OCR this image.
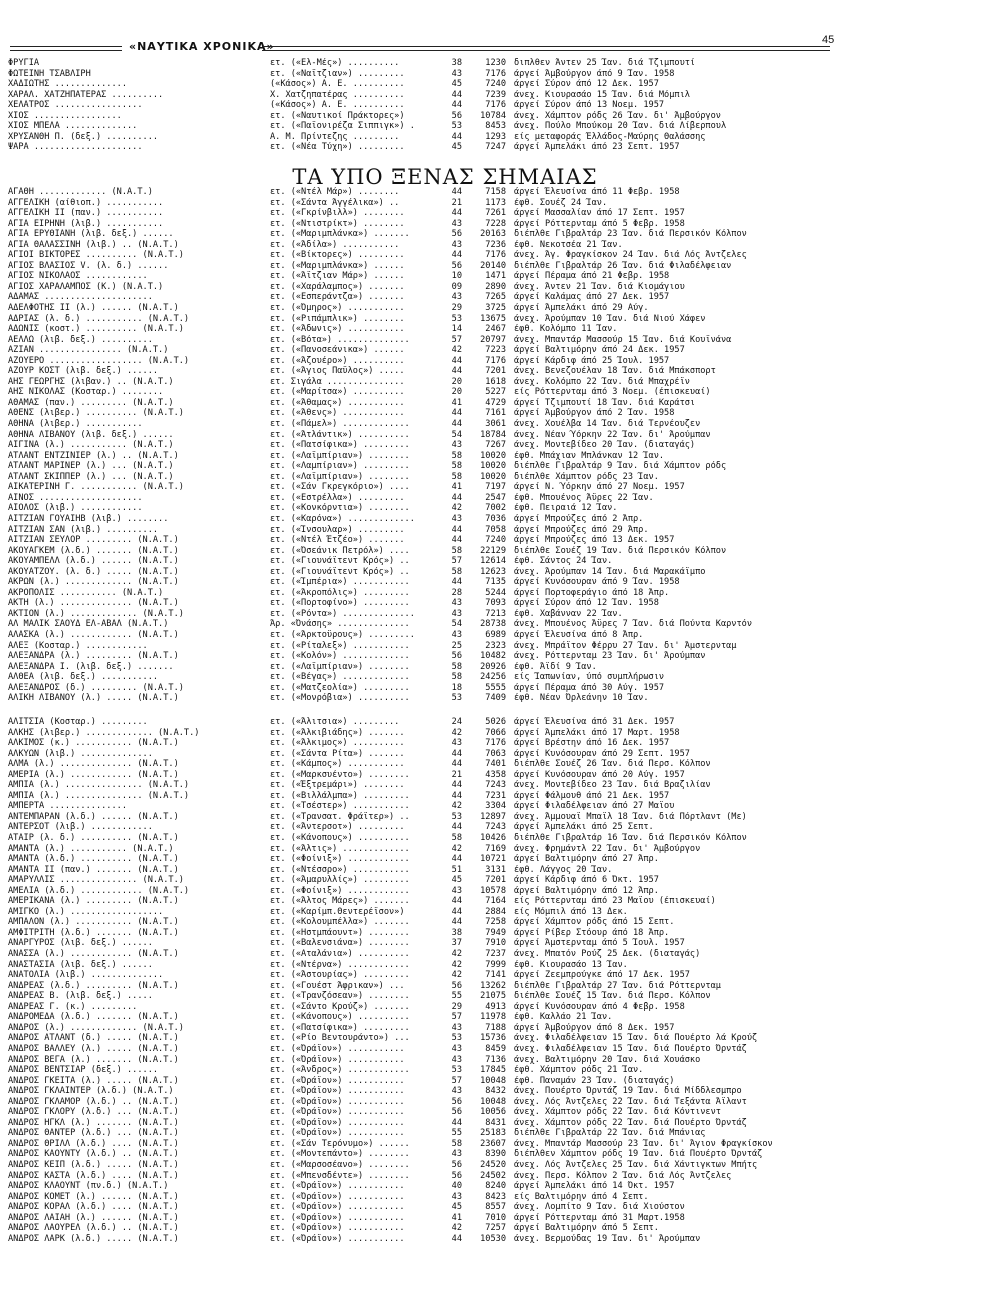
«ΝΑΥΤΙΚΑ ΧΡΟΝΙΚΑ»	45
ΦΡΥΓΙΑ	ετ. («Ελ-Μές») ..........	38	1230 διπλθεν Άντεν 25 Ίαν. διά Τζιμπουτί
ΦΩΤΕΙΝΗ ΤΣΑΒΛΙΡΗ	ετ. («Ναϊτζιαν») .........	43	7176 άργεί Άμβούργον άπό 9 Ίαν. 1958
ΧΑΔΙΩΤΗΣ ..............	(«Κάσος») Α. Ε. ..........	45	7240 άργεί Σύρον άπό 12 Δεκ. 1957
ΧΑΡΑΛ. ΧΑΤΖΗΠΑΤΕΡΑΣ ..........	Χ. Χατζηπατέρας ..........	44	7239 άνεχ. Κιουρασάο 15 Ίαν. διά Μόμπιλ
ΧΕΛΑΤΡΟΣ .................	(«Κάσος») Α. Ε. ..........	44	7176 άργεί Σύρον άπό 13 Νοεμ. 1957
ΧΙΟΣ .................	ετ. («Ναυτικοί Πράκτορες»)	56	10784 άνεχ. Χάμπτον ρόδς 26 Ίαν. δι' Άμβούργον
ΧΙΟΣ ΜΠΕΛΑ ..............	ετ. («Παϊονιρέζα Σιππιγκ») .	53	8453 άνεχ. Πούλο Μπούκομ 20 Ίαν. διά Λίβερπουλ
ΧΡΥΣΑΝΘΗ Π. (δεξ.) ..........	Α. Μ. Πρίντεζης .........	44	1293 είς μεταφοράς Έλλάδος-Μαύρης Θαλάσσης
ΨΑΡΑ .....................	ετ. («Νέα Τύχη») .........	45	7247 άργεί Άμπελάκι άπό 23 Σεπτ. 1957
ΤΑ ΥΠΟ ΞΕΝΑΣ ΣΗΜΑΙΑΣ
ΑΓΑΘΗ ............. (Ν.Α.Τ.)	ετ. («Ντέλ Μάρ») ........	44	7158 άργεί Έλευσίνα άπό 11 Φεβρ. 1958
ΑΓΓΕΛΙΚΗ (αίθιοπ.) ...........	ετ. («Σάντα Άγγέλικα») ..	21	1173 έφθ. Σουέζ 24 Ίαν.
ΑΓΓΕΛΙΚΗ ΙΙ (παν.) ...........	ετ. («Γκρίνβιλλ») ........	44	7261 άργεί Μασσαλίαν άπό 17 Σεπτ. 1957
ΑΓΙΑ ΕΙΡΗΝΗ (λιβ.) ...........	ετ. («Ντιστρίκτ») ........	43	7228 άργεί Ρόττερνταμ άπό 5 Φεβρ. 1958
ΑΓΙΑ ΕΡΥΘΙΑΝΗ (λιβ. δεξ.) ......	ετ. («Μαριμπλάνκα») .......	56	20163 διέπλθε Γιβραλτάρ 23 Ίαν. διά Περσικόν Κόλπον
ΑΓΙΑ ΘΑΛΑΣΣΙΝΗ (λιβ.) .. (Ν.Α.Τ.)	ετ. («Άδίλα») ...........	43	7236 έφθ. Νεκοτσέα 21 Ίαν.
ΑΓΙΟΙ ΒΙΚΤΟΡΕΣ .......... (Ν.Α.Τ.)	ετ. («Βίκτορες») .........	44	7176 άνεχ. Άγ. Φραγκίσκον 24 Ίαν. διά Λός Άντζελες
ΑΓΙΟΣ ΒΛΑΣΙΟΣ V. (λ. δ.) ......	ετ. («Μαριμπλάνκα») ......	56	20140 διέπλθε Γιβραλτάρ 26 Ίαν. διά Φιλαδέλφειαν
ΑΓΙΟΣ ΝΙΚΟΛΑΟΣ ............	ετ. («Άϊτζιαν Μάρ») ......	10	1471 άργεί Πέραμα άπό 21 Φεβρ. 1958
ΑΓΙΟΣ ΧΑΡΑΛΑΜΠΟΣ (Κ.) (Ν.Α.Τ.)	ετ. («Χαράλαμπος») .......	09	2890 άνεχ. Άντεν 21 Ίαν. διά Κιομάγιου
ΑΔΑΜΑΣ .....................	ετ. («Εσπεράντζα») .......	43	7265 άργεί Καλάμας άπό 27 Δεκ. 1957
ΑΔΕΛΦΟΤΗΣ ΙΙ (λ.) ...... (Ν.Α.Τ.)	ετ. («Όμηρος») ...........	29	3725 άργεί Άμπελάκι άπό 29 Αύγ.
ΑΔΡΙΑΣ (λ. δ.) ........... (Ν.Α.Τ.)	ετ. («Ριπάμπλικ») ........	53	13675 άνεχ. Άρούμπαν 10 Ίαν. διά Νιού Χάφεν
ΑΔΩΝΙΣ (κοστ.) .......... (Ν.Α.Τ.)	ετ. («Άδωνις») ...........	14	2467 έφθ. Κολόμπο 11 Ίαν.
ΑΕΛΛΩ (λιβ. δεξ.) ..........	ετ. («Βότα») ..............	57	20797 άνεχ. Μπαντάρ Μασσούρ 15 Ίαν. διά Κουϊνάνα
ΑΖΙΑΝ ................ (Ν.Α.Τ.)	ετ. («Πανοσεάνικα») ......	42	7223 άργεί Βαλτιμόρην άπό 24 Δεκ. 1957
ΑΖΟΥΕΡΟ .................. (Ν.Α.Τ.)	ετ. («Άζουέρο») ..........	44	7176 άργεί Κάρδιφ άπό 25 Ίουλ. 1957
ΑΖΟΥΡ ΚΟΣΤ (λιβ. δεξ.) ......	ετ. («Άγιος Παΰλος») .....	44	7201 άνεχ. Βενεζουέλαν 18 Ίαν. διά Μπάκσπορτ
ΑΗΣ ΓΕΩΡΓΗΣ (λιβαν.) .. (Ν.Α.Τ.)	ετ. Σιγάλα ...............	20	1618 άνεχ. Κολόμπο 22 Ίαν. διά Μπαχρέϊν
ΑΗΣ ΝΙΚΟΛΑΣ (Κοσταρ.) ........	ετ. («Μαρίτσα») ..........	20	5227 είς Ρόττερνταμ άπό 3 Νοεμ. (έπισκευαί)
ΑΘΑΜΑΣ (παν.) ......... (Ν.Α.Τ.)	ετ. («Άθαμας») ...........	41	4729 άργεί Τζιμπουτί 18 Ίαν. διά Καράτσι
ΑΘΕΝΣ (λιβερ.) .......... (Ν.Α.Τ.)	ετ. («Άθενς») ............	44	7161 άργεί Άμβούργον άπό 2 Ίαν. 1958
ΑΘΗΝΑ (λιβερ.) ...........	ετ. («Πάμελ») .............	44	3061 άνεχ. Χουέλβα 14 Ίαν. διά Τερνέουζεν
ΑΘΗΝΑ ΛΙΒΑΝΟΥ (λιβ. δεξ.) ......	ετ. («Άτλάντικ») ..........	54	18784 άνεχ. Νέαν Ύόρκην 22 Ίαν. δι' Άρούμπαν
ΑΙΓΙΝΑ (λ.) ........... (Ν.Α.Τ.)	ετ. («Πατσίφικα») .........	43	7267 άνεχ. Μοντεβίδεο 20 Ίαν. (διαταγάς)
ΑΤΛΑΝΤ ΕΝΤΖΙΝΙΕΡ (λ.) .. (Ν.Α.Τ.)	ετ. («Λαϊμπίριαν») ........	58	10020 έφθ. Μπάχιαν Μπλάνκαν 12 Ίαν.
ΑΤΛΑΝΤ ΜΑΡΙΝΕΡ (λ.) ... (Ν.Α.Τ.)	ετ. («Λαμπίριαν») .........	58	10020 διέπλθε Γιβραλτάρ 9 Ίαν. διά Χάμπτον ρόδς
ΑΤΛΑΝΤ ΣΚΙΠΠΕΡ (λ.) ... (Ν.Α.Τ.)	ετ. («Λαϊμπίριαν») ........	58	10020 διέπλθε Χάμπτον ρόδς 23 Ίαν.
ΑΙΚΑΤΕΡΙΝΗ Γ. ........... (Ν.Α.Τ.)	ετ. («Σάν Γκρεγκόριο») ....	41	7197 άργεί Ν. Ύόρκην άπό 27 Νοεμ. 1957
ΑΙΝΟΣ ....................	ετ. («Εστρέλλα») .........	44	2547 έφθ. Μπουένος Άϋρες 22 Ίαν.
ΑΙΟΛΟΣ (λιβ.) ............	ετ. («Κονκόρντια») ........	42	7002 έφθ. Πειραιά 12 Ίαν.
ΑΙΤΖΙΑΝ ΓΟΥΑΪΗΒ (λιβ.) ........	ετ. («Καρόνα») .............	43	7036 άργεί Μπρούζες άπό 2 Άπρ.
ΑΙΤΖΙΑΝ ΣΑΝ (λιβ.) ..........	ετ. («Ίνσουλαρ») .........	44	7058 άργεί Μπρούζες άπό 29 Άπρ.
ΑΙΤΖΙΑΝ ΣΕΫΛΟΡ ......... (Ν.Α.Τ.)	ετ. («Ντέλ Έτζέο») .......	44	7240 άργεί Μπρούζες άπό 13 Δεκ. 1957
ΑΚΟΥΑΓΚΕΜ (λ.δ.) ....... (Ν.Α.Τ.)	ετ. («Όσεάνικ Πετρόλ») ....	58	22129 διέπλθε Σουέζ 19 Ίαν. διά Περσικόν Κόλπον
ΑΚΟΥΑΜΠΕΛΛ (λ.δ.) ...... (Ν.Α.Τ.)	ετ. («Γιουνάϊτεντ Κρός») ..	57	12614 έφθ. Σάντος 24 Ίαν.
ΑΚΟΥΑΤΖΟΫ. (λ. δ.) ..... (Ν.Α.Τ.)	ετ. («Γιουνάϊτεντ Κρός») ..	58	12623 άνεχ. Άρούμπαν 14 Ίαν. διά Μαρακάϊμπο
ΑΚΡΩΝ (λ.) ............. (Ν.Α.Τ.)	ετ. («Ίμπέρια») ...........	44	7135 άργεί Κυνόσουραν άπό 9 Ίαν. 1958
ΑΚΡΟΠΟΛΙΣ ........... (Ν.Α.Τ.)	ετ. («Άκροπόλις») .........	28	5244 άργεί Πορτοφεράγιο άπό 18 Άπρ.
ΑΚΤΗ (λ.) .............. (Ν.Α.Τ.)	ετ. («Πορτοφίνο») .........	43	7093 άργεί Σύρον άπό 12 Ίαν. 1958
ΑΚΤΙΟΝ (λ.) ............. (Ν.Α.Τ.)	ετ. («Ρόντα») ..............	43	7213 έφθ. Χαβάνναν 22 Ίαν.
ΑΛ ΜΑΛΙΚ ΣΑΟΥΔ ΕΛ-ΑΒΑΛ (Ν.Α.Τ.)	Άρ. «Όνάσης» ..............	54	28738 άνεχ. Μπουένος Άϋρες 7 Ίαν. διά Πούντα Καρντόν
ΑΛΑΣΚΑ (λ.) ............ (Ν.Α.Τ.)	ετ. («Άρκτοΰρους») .........	43	6989 άργεί Έλευσίνα άπό 8 Άπρ.
ΑΛΕΞ (Κοσταρ.) ............	ετ. («Ρίταλεξ») ...........	25	2323 άνεχ. Μπράϊτον Φέρρυ 27 Ίαν. δι' Άμστερνταμ
ΑΛΕΞΑΝΔΡΑ (λ.) ......... (Ν.Α.Τ.)	ετ. («Κολόν») .............	56	10482 άνεχ. Ρόττερνταμ 23 Ίαν. δι' Άρούμπαν
ΑΛΕΞΑΝΔΡΑ Ι. (λιβ. δεξ.) .......	ετ. («Λαϊμπίριαν») ........	58	20926 έφθ. Άϊδί 9 Ίαν.
ΑΛΘΕΑ (λιβ. δεξ.) ...........	ετ. («Βέγας») .............	58	24256 είς Ίαπωνίαν, ύπό συμπλήρωσιν
ΑΛΕΞΑΝΔΡΟΣ (δ.) ......... (Ν.Α.Τ.)	ετ. («Ματζεολία») .........	18	5555 άργεί Πέραμα άπό 30 Αύγ. 1957
ΑΛΙΚΗ ΛΙΒΑΝΟΥ (λ.) ..... (Ν.Α.Τ.)	ετ. («Μονρόβια») ..........	53	7409 έφθ. Νέαν Όρλεάνην 10 Ίαν.
ΑΛΙΤΣΙΑ (Κοσταρ.) .........	ετ. («Άλιτσια») .........	24	5026 άργεί Έλευσίνα άπό 31 Δεκ. 1957
ΑΛΚΗΣ (λιβερ.) ............. (Ν.Α.Τ.)	ετ. («Άλκιβιάδης») .......	42	7066 άργεί Άμπελάκι άπό 17 Μαρτ. 1958
ΑΛΚΙΜΟΣ (κ.) ........... (Ν.Α.Τ.)	ετ. («Άλκιμος») ..........	43	7176 άργεί Βρέστην άπό 16 Δεκ. 1957
ΑΛΚΥΩΝ (λιβ.) ..............	ετ. («Σάντα Ρίτα») .......	44	7063 άργεί Κυνόσουραν άπό 29 Σεπτ. 1957
ΑΛΜΑ (λ.) .............. (Ν.Α.Τ.)	ετ. («Κάμπος») ...........	44	7401 διέπλθε Σουέζ 26 Ίαν. διά Περσ. Κόλπον
ΑΜΕΡΙΑ (λ.) ............ (Ν.Α.Τ.)	ετ. («Μαρκσυέντο») ........	21	4358 άργεί Κυνόσουραν άπό 20 Αύγ. 1957
ΑΜΠΙΑ (λ.) ............... (Ν.Α.Τ.)	ετ. («Έξτρεμάρι») ........	44	7243 άνεχ. Μοντεβίδεο 23 Ίαν. διά Βραζιλίαν
ΑΜΠΙΑ (λ.) ............... (Ν.Α.Τ.)	ετ. («Βιλλάλμπα») .........	44	7231 άργεί Φάλμουθ άπό 21 Δεκ. 1957
ΑΜΠΕΡΤΑ ...............	ετ. («Τσέστερ») ...........	42	3304 άργεί Φιλαδέλφειαν άπό 27 Μαΐου
ΑΝΤΕΜΠΑΡΑΝ (λ.δ.) ...... (Ν.Α.Τ.)	ετ. («Τρανσατ. Φράϊτερ») ..	53	12897 άνεχ. Άμμουαϊ Μπαϊλ 18 Ίαν. διά Πόρτλαντ (Με)
ΑΝΤΕΡΣΟΤ (λιβ.) ............	ετ. («Άντερσοτ») .........	44	7243 άργεί Άμπελάκι άπό 25 Σεπτ.
ΑΤΑΙΡ (λ. δ.) .......... (Ν.Α.Τ.)	ετ. («Κάνοπους») ..........	58	10426 διέπλθε Γιβραλτάρ 16 Ίαν. διά Περσικόν Κόλπον
ΑΜΑΝΤΑ (λ.) ........... (Ν.Α.Τ.)	ετ. («Άλτις») .............	42	7169 άνεχ. Φρημάντλ 22 Ίαν. δι' Άμβούργον
ΑΜΑΝΤΑ (λ.δ.) .......... (Ν.Α.Τ.)	ετ. («Φοίνιξ») ............	44	10721 άργεί Βαλτιμόρην άπό 27 Άπρ.
ΑΜΑΝΤΑ ΙΙ (παν.) ....... (Ν.Α.Τ.)	ετ. («Ντέσσρο») ...........	51	3131 έφθ. Λάγγος 20 Ίαν.
ΑΜΑΡΥΛΛΙΣ ............... (Ν.Α.Τ.)	ετ. («Άμαρυλλίς») .........	45	7201 άργεί Κάρδιφ άπό 6 Όκτ. 1957
ΑΜΕΛΙΑ (λ.δ.) ............ (Ν.Α.Τ.)	ετ. («Φοίνιξ») ............	43	10578 άργεί Βαλτιμόρην άπό 12 Άπρ.
ΑΜΕΡΙΚΑΝΑ (λ.) ......... (Ν.Α.Τ.)	ετ. («Άλτος Μάρες») .......	44	7164 είς Ρόττερνταμ άπό 23 Μαΐου (έπισκευαί)
ΑΜΙΓΚΟ (λ.) ..................	ετ. («Καρίμπ.Θεντερέϊσον»)	44	2884 είς Μόμπιλ άπό 13 Δεκ.
ΑΜΠΑΛΟΝ (λ.) ........... (Ν.Α.Τ.)	ετ. («Κολουμπέλλα») .......	44	7258 άργεί Χάμπτον ρόδς άπό 15 Σεπτ.
ΑΜΦΙΤΡΙΤΗ (λ.δ.) ....... (Ν.Α.Τ.)	ετ. («Ηστμπάουντ») ........	38	7949 άργεί Ρίβερ Στόουρ άπό 18 Άπρ.
ΑΝΑΡΓΥΡΟΣ (λιβ. δεξ.) ......	ετ. («Βαλενσιάνα») ........	37	7910 άργεί Άμστερνταμ άπό 5 Ίουλ. 1957
ΑΝΑΣΣΑ (λ.) ............ (Ν.Α.Τ.)	ετ. («Αταλάνια») ..........	42	7237 άνεχ. Μπατόν Ρούζ 25 Δεκ. (διαταγάς)
ΑΝΑΣΤΑΣΙΑ (λιβ. δεξ.) ......	ετ. («Ντέρνα») ............	42	7999 έφθ. Κιουρασάο 13 Ίαν.
ΑΝΑΤΟΛΙΑ (λιβ.) ..............	ετ. («Άστουρίας») .........	42	7141 άργεί Ζεεμπρούγκε άπό 17 Δεκ. 1957
ΑΝΔΡΕΑΣ (λ.δ.) ......... (Ν.Α.Τ.)	ετ. («Γουέστ Άφρικαν») ...	56	13262 διέπλθε Γιβραλτάρ 27 Ίαν. διά Ρόττερνταμ
ΑΝΔΡΕΑΣ Β. (λιβ. δεξ.) .....	ετ. («Τρανζόσεαν») ........	55	21075 διέπλθε Σουέζ 15 Ίαν. διά Περσ. Κόλπον
ΑΝΔΡΕΑΣ Γ. (κ.) .........	ετ. («Σάντο Κρούζ») .......	29	4913 άργεί Κυνόσουραν άπό 4 Φεβρ. 1958
ΑΝΔΡΟΜΕΔΑ (λ.δ.) ....... (Ν.Α.Τ.)	ετ. («Κάνοπους») ..........	57	11978 έφθ. Καλλάο 21 Ίαν.
ΑΝΔΡΟΣ (λ.) ............. (Ν.Α.Τ.)	ετ. («Πατσίφικα») .........	43	7188 άργεί Άμβούργον άπό 8 Δεκ. 1957
ΑΝΔΡΟΣ ΑΤΛΑΝΤ (δ.) ..... (Ν.Α.Τ.)	ετ. («Ρίο Βεντουράντο») ...	53	15736 άνεχ. Φιλαδέλφειαν 15 Ίαν. διά Πουέρτο λά Κρούζ
ΑΝΔΡΟΣ ΒΑΛΛΕΫ (λ.) ..... (Ν.Α.Τ.)	ετ. («Όράϊον») ...........	43	8459 άνεχ. Φιλαδέλφειαν 15 Ίαν. διά Πουέρτο Όρντάζ
ΑΝΔΡΟΣ ΒΕΓΑ (λ.) ....... (Ν.Α.Τ.)	ετ. («Όράϊον») ...........	43	7136 άνεχ. Βαλτιμόρην 20 Ίαν. διά Χουάσκο
ΑΝΔΡΟΣ ΒΕΝΤΣΙΑΡ (δεξ.) ......	ετ. («Άνδρος») ............	53	17845 έφθ. Χάμπτον ρόδς 21 Ίαν.
ΑΝΔΡΟΣ ΓΚΕΪΤΑ (λ.) ..... (Ν.Α.Τ.)	ετ. («Όράϊον») ...........	57	10048 έφθ. Παναμάν 23 Ίαν. (διαταγάς)
ΑΝΔΡΟΣ ΓΚΛΑΪΝΤΕΡ (λ.δ.) (Ν.Α.Τ.)	ετ. («Όράϊον») ...........	43	8432 άνεχ. Πουέρτο Όρντάζ 19 Ίαν. διά Μίδδλεσμπρο
ΑΝΔΡΟΣ ΓΚΛΑΜΟΡ (λ.δ.) .. (Ν.Α.Τ.)	ετ. («Όράϊον») ...........	56	10048 άνεχ. Λός Άντζελες 22 Ίαν. διά Τεξάντα Άϊλαντ
ΑΝΔΡΟΣ ΓΚΛΟΡΥ (λ.δ.) ... (Ν.Α.Τ.)	ετ. («Όράϊον») ...........	56	10056 άνεχ. Χάμπτον ρόδς 22 Ίαν. διά Κόντινεντ
ΑΝΔΡΟΣ ΗΓΚΛ (λ.) ....... (Ν.Α.Τ.)	ετ. («Όράϊον») ...........	44	8431 άνεχ. Χάμπτον ρόδς 22 Ίαν. διά Πουέρτο Όρντάζ
ΑΝΔΡΟΣ ΘΑΝΤΕΡ (λ.δ.) ... (Ν.Α.Τ.)	ετ. («Όράϊον») ...........	55	25183 διέπλθε Γιβραλτάρ 22 Ίαν. διά Μπάνιας
ΑΝΔΡΟΣ ΘΡΙΛΛ (λ.δ.) .... (Ν.Α.Τ.)	ετ. («Σάν Τερόνυμο») ......	58	23607 άνεχ. Μπαντάρ Μασσούρ 23 Ίαν. δι' Άγιον Φραγκίσκον
ΑΝΔΡΟΣ ΚΑΟΥΝΤΥ (λ.δ.) .. (Ν.Α.Τ.)	ετ. («Μοντεπάντο») ........	43	8390 διέπλθεν Χάμπτον ρόδς 19 Ίαν. διά Πουέρτο Όρντάζ
ΑΝΔΡΟΣ ΚΕΪΠ (λ.δ.) ..... (Ν.Α.Τ.)	ετ. («Μαρσοσέανο») ........	56	24520 άνεχ. Λός Άντζελες 25 Ίαν. διά Χάντιγκτων Μπήτς
ΑΝΔΡΟΣ ΚΑΣΤΑ (λ.δ.) .... (Ν.Α.Τ.)	ετ. («Μπενσδέντε») ........	56	24502 άνεχ. Περσ. Κόλπον 2 Ίαν. διά Λός Άντζελες
ΑΝΔΡΟΣ ΚΛΑΟΥΝΤ (πν.δ.) (Ν.Α.Τ.)	ετ. («Όράϊον») ...........	40	8240 άργεί Άμπελάκι άπό 14 Όκτ. 1957
ΑΝΔΡΟΣ ΚΟΜΕΤ (λ.) ...... (Ν.Α.Τ.)	ετ. («Όράϊον») ...........	43	8423 είς Βαλτιμόρην άπό 4 Σεπτ.
ΑΝΔΡΟΣ ΚΟΡΑΛ (λ.δ.) .... (Ν.Α.Τ.)	ετ. («Όράϊον») ...........	45	8557 άνεχ. Λομπίτο 9 Ίαν. διά Χιούστον
ΑΝΔΡΟΣ ΛΑΙΑΗ (λ.) ...... (Ν.Α.Τ.)	ετ. («Όράϊον») ...........	41	7010 άργεί Ρόττερνταμ άπό 31 Μαρτ.1958
ΑΝΔΡΟΣ ΛΑΟΥΡΕΛ (λ.δ.) .. (Ν.Α.Τ.)	ετ. («Όράϊον») ...........	42	7257 άργεί Βαλτιμόρην άπό 5 Σεπτ.
ΑΝΔΡΟΣ ΛΑΡΚ (λ.δ.) ..... (Ν.Α.Τ.)	ετ. («Όράϊον») ...........	44	10530 άνεχ. Βερμούδας 19 Ίαν. δι' Άρούμπαν
